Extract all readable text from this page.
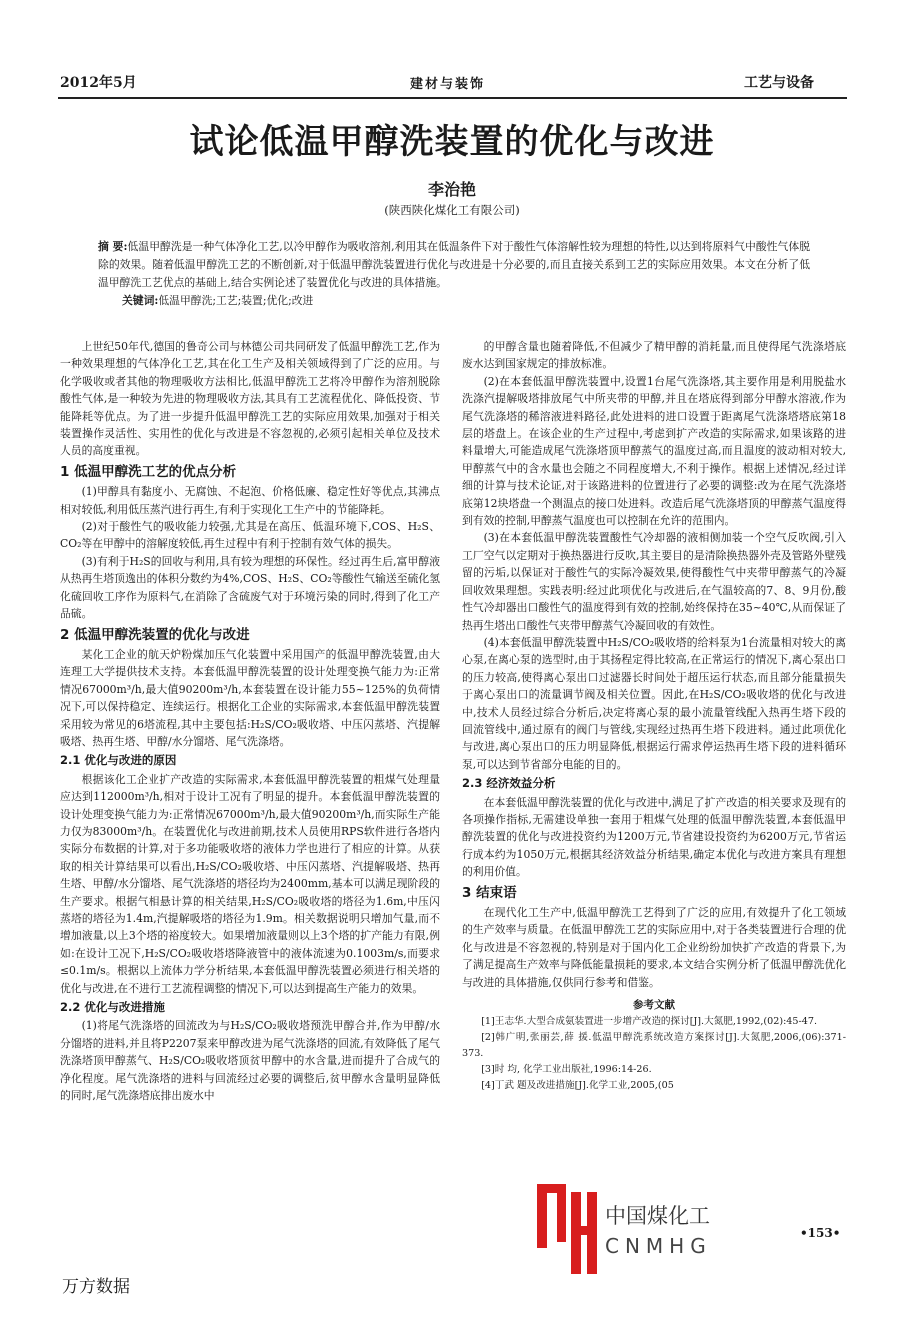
2012年5月	建材与装饰	工艺与设备
试论低温甲醇洗装置的优化与改进
李治艳
(陕西陕化煤化工有限公司)
摘 要:低温甲醇洗是一种气体净化工艺,以冷甲醇作为吸收溶剂,利用其在低温条件下对于酸性气体溶解性较为理想的特性,以达到将原料气中酸性气体脱除的效果。随着低温甲醇洗工艺的不断创新,对于低温甲醇洗装置进行优化与改进是十分必要的,而且直接关系到工艺的实际应用效果。本文在分析了低温甲醇洗工艺优点的基础上,结合实例论述了装置优化与改进的具体措施。
关键词:低温甲醇洗;工艺;装置;优化;改进

上世纪50年代,德国的鲁奇公司与林德公司共同研发了低温甲醇洗工艺,作为一种效果理想的气体净化工艺,其在化工生产及相关领域得到了广泛的应用。与化学吸收或者其他的物理吸收方法相比,低温甲醇洗工艺将冷甲醇作为溶剂脱除酸性气体,是一种较为先进的物理吸收方法,其具有工艺流程优化、降低投资、节能降耗等优点。为了进一步提升低温甲醇洗工艺的实际应用效果,加强对于相关装置操作灵活性、实用性的优化与改进是不容忽视的,必须引起相关单位及技术人员的高度重视。

1 低温甲醇洗工艺的优点分析

(1)甲醇具有黏度小、无腐蚀、不起泡、价格低廉、稳定性好等优点,其沸点相对较低,利用低压蒸汽进行再生,有利于实现化工生产中的节能降耗。

(2)对于酸性气的吸收能力较强,尤其是在高压、低温环境下,COS、H₂S、CO₂等在甲醇中的溶解度较低,再生过程中有利于控制有效气体的损失。

(3)有利于H₂S的回收与利用,具有较为理想的环保性。经过再生后,富甲醇液从热再生塔顶逸出的体积分数约为4%,COS、H₂S、CO₂等酸性气输送至硫化氢化硫回收工序作为原料气,在消除了含硫废气对于环境污染的同时,得到了化工产品硫。

2 低温甲醇洗装置的优化与改进

某化工企业的航天炉粉煤加压气化装置中采用国产的低温甲醇洗装置,由大连理工大学提供技术支持。本套低温甲醇洗装置的设计处理变换气能力为:正常情况67000m³/h,最大值90200m³/h,本套装置在设计能力55~125%的负荷情况下,可以保持稳定、连续运行。根据化工企业的实际需求,本套低温甲醇洗装置采用较为常见的6塔流程,其中主要包括:H₂S/CO₂吸收塔、中压闪蒸塔、汽提解吸塔、热再生塔、甲醇/水分馏塔、尾气洗涤塔。

2.1 优化与改进的原因

根据该化工企业扩产改造的实际需求,本套低温甲醇洗装置的粗煤气处理量应达到112000m³/h,相对于设计工况有了明显的提升。本套低温甲醇洗装置的设计处理变换气能力为:正常情况67000m³/h,最大值90200m³/h,而实际生产能力仅为83000m³/h。在装置优化与改进前期,技术人员使用RPS软件进行各塔内实际分布数据的计算,对于多功能吸收塔的液体力学也进行了相应的计算。从获取的相关计算结果可以看出,H₂S/CO₂吸收塔、中压闪蒸塔、汽提解吸塔、热再生塔、甲醇/水分馏塔、尾气洗涤塔的塔径均为2400mm,基本可以满足现阶段的生产要求。根据气相悬计算的相关结果,H₂S/CO₂吸收塔的塔径为1.6m,中压闪蒸塔的塔径为1.4m,汽提解吸塔的塔径为1.9m。相关数据说明只增加气量,而不增加液量,以上3个塔的裕度较大。如果增加液量则以上3个塔的扩产能力有限,例如:在设计工况下,H₂S/CO₂吸收塔塔降液管中的液体流速为0.1003m/s,而要求≤0.1m/s。根据以上流体力学分析结果,本套低温甲醇洗装置必须进行相关塔的优化与改进,在不进行工艺流程调整的情况下,可以达到提高生产能力的效果。

2.2 优化与改进措施

(1)将尾气洗涤塔的回流改为与H₂S/CO₂吸收塔预洗甲醇合并,作为甲醇/水分馏塔的进料,并且将P2207泵来甲醇改进为尾气洗涤塔的回流,有效降低了尾气洗涤塔顶甲醇蒸气、H₂S/CO₂吸收塔顶贫甲醇中的水含量,进而提升了合成气的净化程度。尾气洗涤塔的进料与回流经过必要的调整后,贫甲醇水含量明显降低的同时,尾气洗涤塔底排出废水中

的甲醇含量也随着降低,不但减少了精甲醇的消耗量,而且使得尾气洗涤塔底废水达到国家规定的排放标准。

(2)在本套低温甲醇洗装置中,设置1台尾气洗涤塔,其主要作用是利用脱盐水洗涤汽提解吸塔排放尾气中所夹带的甲醇,并且在塔底得到部分甲醇水溶液,作为尾气洗涤塔的稀溶液进料路径,此处进料的进口设置于距离尾气洗涤塔塔底第18层的塔盘上。在该企业的生产过程中,考虑到扩产改造的实际需求,如果该路的进料量增大,可能造成尾气洗涤塔顶甲醇蒸气的温度过高,而且温度的波动相对较大,甲醇蒸气中的含水量也会随之不同程度增大,不利于操作。根据上述情况,经过详细的计算与技术论证,对于该路进料的位置进行了必要的调整:改为在尾气洗涤塔底第12块塔盘一个测温点的接口处进料。改造后尾气洗涤塔顶的甲醇蒸气温度得到有效的控制,甲醇蒸气温度也可以控制在允许的范围内。

(3)在本套低温甲醇洗装置酸性气冷却器的液相侧加装一个空气反吹阀,引入工厂空气以定期对于换热器进行反吹,其主要目的是清除换热器外壳及管路外壁残留的污垢,以保证对于酸性气的实际冷凝效果,使得酸性气中夹带甲醇蒸气的冷凝回收效果理想。实践表明:经过此项优化与改进后,在气温较高的7、8、9月份,酸性气冷却器出口酸性气的温度得到有效的控制,始终保持在35~40℃,从而保证了热再生塔出口酸性气夹带甲醇蒸气冷凝回收的有效性。

(4)本套低温甲醇洗装置中H₂S/CO₂吸收塔的给料泵为1台流量相对较大的离心泵,在离心泵的选型时,由于其扬程定得比较高,在正常运行的情况下,离心泵出口的压力较高,使得离心泵出口过滤器长时间处于超压运行状态,而且部分能量损失于离心泵出口的流量调节阀及相关位置。因此,在H₂S/CO₂吸收塔的优化与改进中,技术人员经过综合分析后,决定将离心泵的最小流量管线配入热再生塔下段的回流管线中,通过原有的阀门与管线,实现经过热再生塔下段进料。通过此项优化与改进,离心泵出口的压力明显降低,根据运行需求停运热再生塔下段的进料循环泵,可以达到节省部分电能的目的。

2.3 经济效益分析

在本套低温甲醇洗装置的优化与改进中,满足了扩产改造的相关要求及现有的各项操作指标,无需建设单独一套用于粗煤气处理的低温甲醇洗装置,本套低温甲醇洗装置的优化与改进投资约为1200万元,节省建设投资约为6200万元,节省运行成本约为1050万元,根据其经济效益分析结果,确定本优化与改进方案具有理想的利用价值。

3 结束语

在现代化工生产中,低温甲醇洗工艺得到了广泛的应用,有效提升了化工领域的生产效率与质量。在低温甲醇洗工艺的实际应用中,对于各类装置进行合理的优化与改进是不容忽视的,特别是对于国内化工企业纷纷加快扩产改造的背景下,为了满足提高生产效率与降低能量损耗的要求,本文结合实例分析了低温甲醇洗优化与改进的具体措施,仅供同行参考和借鉴。

参考文献

[1]王志华.大型合成氨装置进一步增产改造的探讨[J].大氮肥,1992,(02):45-47.

[2]韩广明,张丽芸,薛 援.低温甲醇洗系统改造方案探讨[J].大氮肥,2006,(06):371-373.

[3]时 均, 化学工业出版社,1996:14-26.

[4]丁武 题及改进措施[J].化学工业,2005,(05

中国煤化工
CNMHG
•153•
万方数据
